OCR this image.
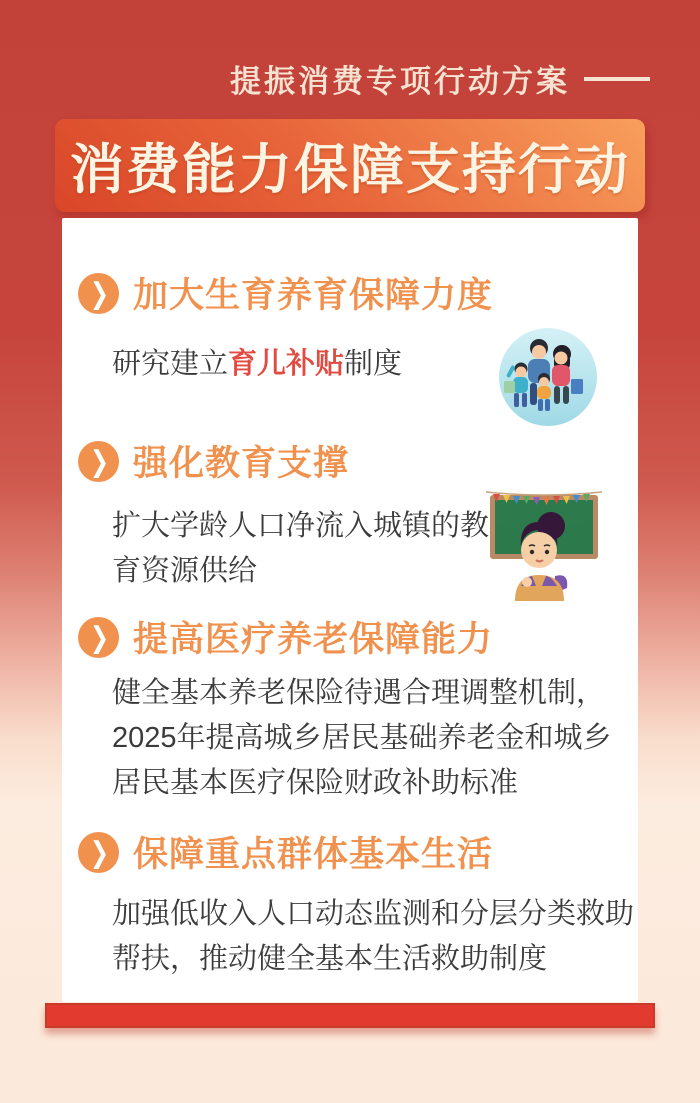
提振消费专项行动方案
消费能力保障支持行动
❯ 加大生育养育保障力度
研究建立育儿补贴制度
❯ 强化教育支撑
扩大学龄人口净流入城镇的教育资源供给
❯ 提高医疗养老保障能力
健全基本养老保险待遇合理调整机制，2025年提高城乡居民基础养老金和城乡居民基本医疗保险财政补助标准
❯ 保障重点群体基本生活
加强低收入人口动态监测和分层分类救助帮扶，推动健全基本生活救助制度
